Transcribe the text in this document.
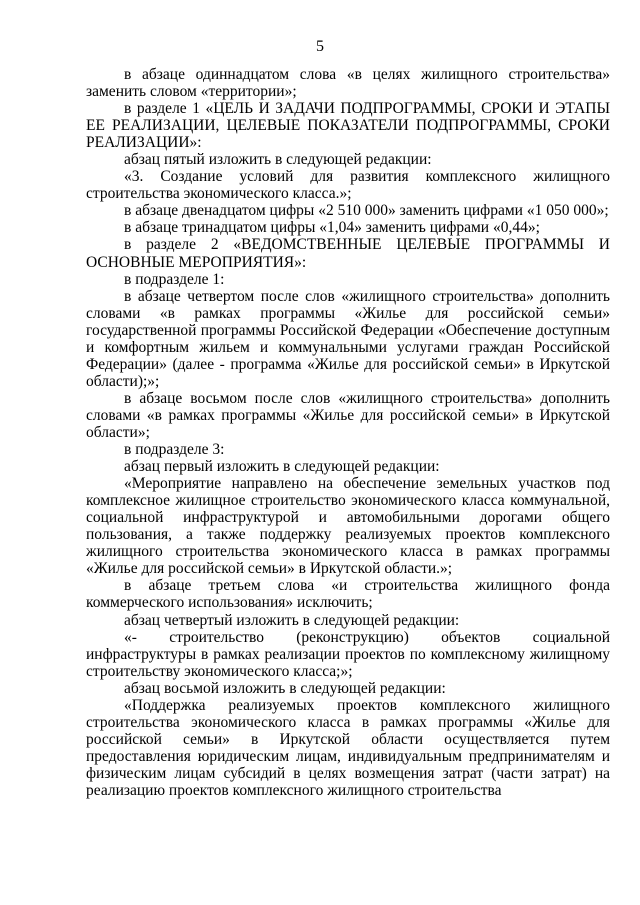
5

в абзаце одиннадцатом слова «в целях жилищного строительства» заменить словом «территории»;

в разделе 1 «ЦЕЛЬ И ЗАДАЧИ ПОДПРОГРАММЫ, СРОКИ И ЭТАПЫ ЕЕ РЕАЛИЗАЦИИ, ЦЕЛЕВЫЕ ПОКАЗАТЕЛИ ПОДПРОГРАММЫ, СРОКИ РЕАЛИЗАЦИИ»:

абзац пятый изложить в следующей редакции:

«3. Создание условий для развития комплексного жилищного строительства экономического класса.»;

в абзаце двенадцатом цифры «2 510 000» заменить цифрами «1 050 000»;

в абзаце тринадцатом цифры «1,04» заменить цифрами «0,44»;

в разделе 2 «ВЕДОМСТВЕННЫЕ ЦЕЛЕВЫЕ ПРОГРАММЫ И ОСНОВНЫЕ МЕРОПРИЯТИЯ»:

в подразделе 1:

в абзаце четвертом после слов «жилищного строительства» дополнить словами «в рамках программы «Жилье для российской семьи» государственной программы Российской Федерации «Обеспечение доступным и комфортным жильем и коммунальными услугами граждан Российской Федерации» (далее - программа «Жилье для российской семьи» в Иркутской области);»;

в абзаце восьмом после слов «жилищного строительства» дополнить словами «в рамках программы «Жилье для российской семьи» в Иркутской области»;

в подразделе 3:

абзац первый изложить в следующей редакции:

«Мероприятие направлено на обеспечение земельных участков под комплексное жилищное строительство экономического класса коммунальной, социальной инфраструктурой и автомобильными дорогами общего пользования, а также поддержку реализуемых проектов комплексного жилищного строительства экономического класса в рамках программы «Жилье для российской семьи» в Иркутской области.»;

в абзаце третьем слова «и строительства жилищного фонда коммерческого использования» исключить;

абзац четвертый изложить в следующей редакции:

«- строительство (реконструкцию) объектов социальной инфраструктуры в рамках реализации проектов по комплексному жилищному строительству экономического класса;»;

абзац восьмой изложить в следующей редакции:

«Поддержка реализуемых проектов комплексного жилищного строительства экономического класса в рамках программы «Жилье для российской семьи» в Иркутской области осуществляется путем предоставления юридическим лицам, индивидуальным предпринимателям и физическим лицам субсидий в целях возмещения затрат (части затрат) на реализацию проектов комплексного жилищного строительства
